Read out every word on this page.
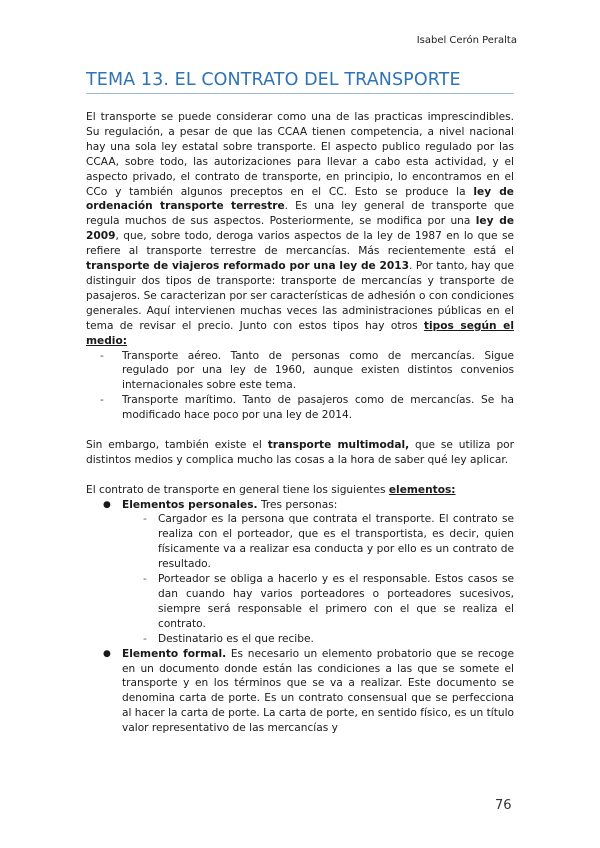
Isabel Cerón Peralta
TEMA 13. EL CONTRATO DEL TRANSPORTE

El transporte se puede considerar como una de las practicas imprescindibles. Su regulación, a pesar de que las CCAA tienen competencia, a nivel nacional hay una sola ley estatal sobre transporte. El aspecto publico regulado por las CCAA, sobre todo, las autorizaciones para llevar a cabo esta actividad, y el aspecto privado, el contrato de transporte, en principio, lo encontramos en el CCo y también algunos preceptos en el CC. Esto se produce la ley de ordenación transporte terrestre. Es una ley general de transporte que regula muchos de sus aspectos. Posteriormente, se modifica por una ley de 2009, que, sobre todo, deroga varios aspectos de la ley de 1987 en lo que se refiere al transporte terrestre de mercancías. Más recientemente está el transporte de viajeros reformado por una ley de 2013. Por tanto, hay que distinguir dos tipos de transporte: transporte de mercancías y transporte de pasajeros. Se caracterizan por ser características de adhesión o con condiciones generales. Aquí intervienen muchas veces las administraciones públicas en el tema de revisar el precio. Junto con estos tipos hay otros tipos según el medio:

- Transporte aéreo. Tanto de personas como de mercancías. Sigue regulado por una ley de 1960, aunque existen distintos convenios internacionales sobre este tema.
- Transporte marítimo. Tanto de pasajeros como de mercancías. Se ha modificado hace poco por una ley de 2014.

Sin embargo, también existe el transporte multimodal, que se utiliza por distintos medios y complica mucho las cosas a la hora de saber qué ley aplicar.

El contrato de transporte en general tiene los siguientes elementos:

● Elementos personales. Tres personas:
- Cargador es la persona que contrata el transporte. El contrato se realiza con el porteador, que es el transportista, es decir, quien físicamente va a realizar esa conducta y por ello es un contrato de resultado.
- Porteador se obliga a hacerlo y es el responsable. Estos casos se dan cuando hay varios porteadores o porteadores sucesivos, siempre será responsable el primero con el que se realiza el contrato.
- Destinatario es el que recibe.
● Elemento formal. Es necesario un elemento probatorio que se recoge en un documento donde están las condiciones a las que se somete el transporte y en los términos que se va a realizar. Este documento se denomina carta de porte. Es un contrato consensual que se perfecciona al hacer la carta de porte. La carta de porte, en sentido físico, es un título valor representativo de las mercancías y
76
